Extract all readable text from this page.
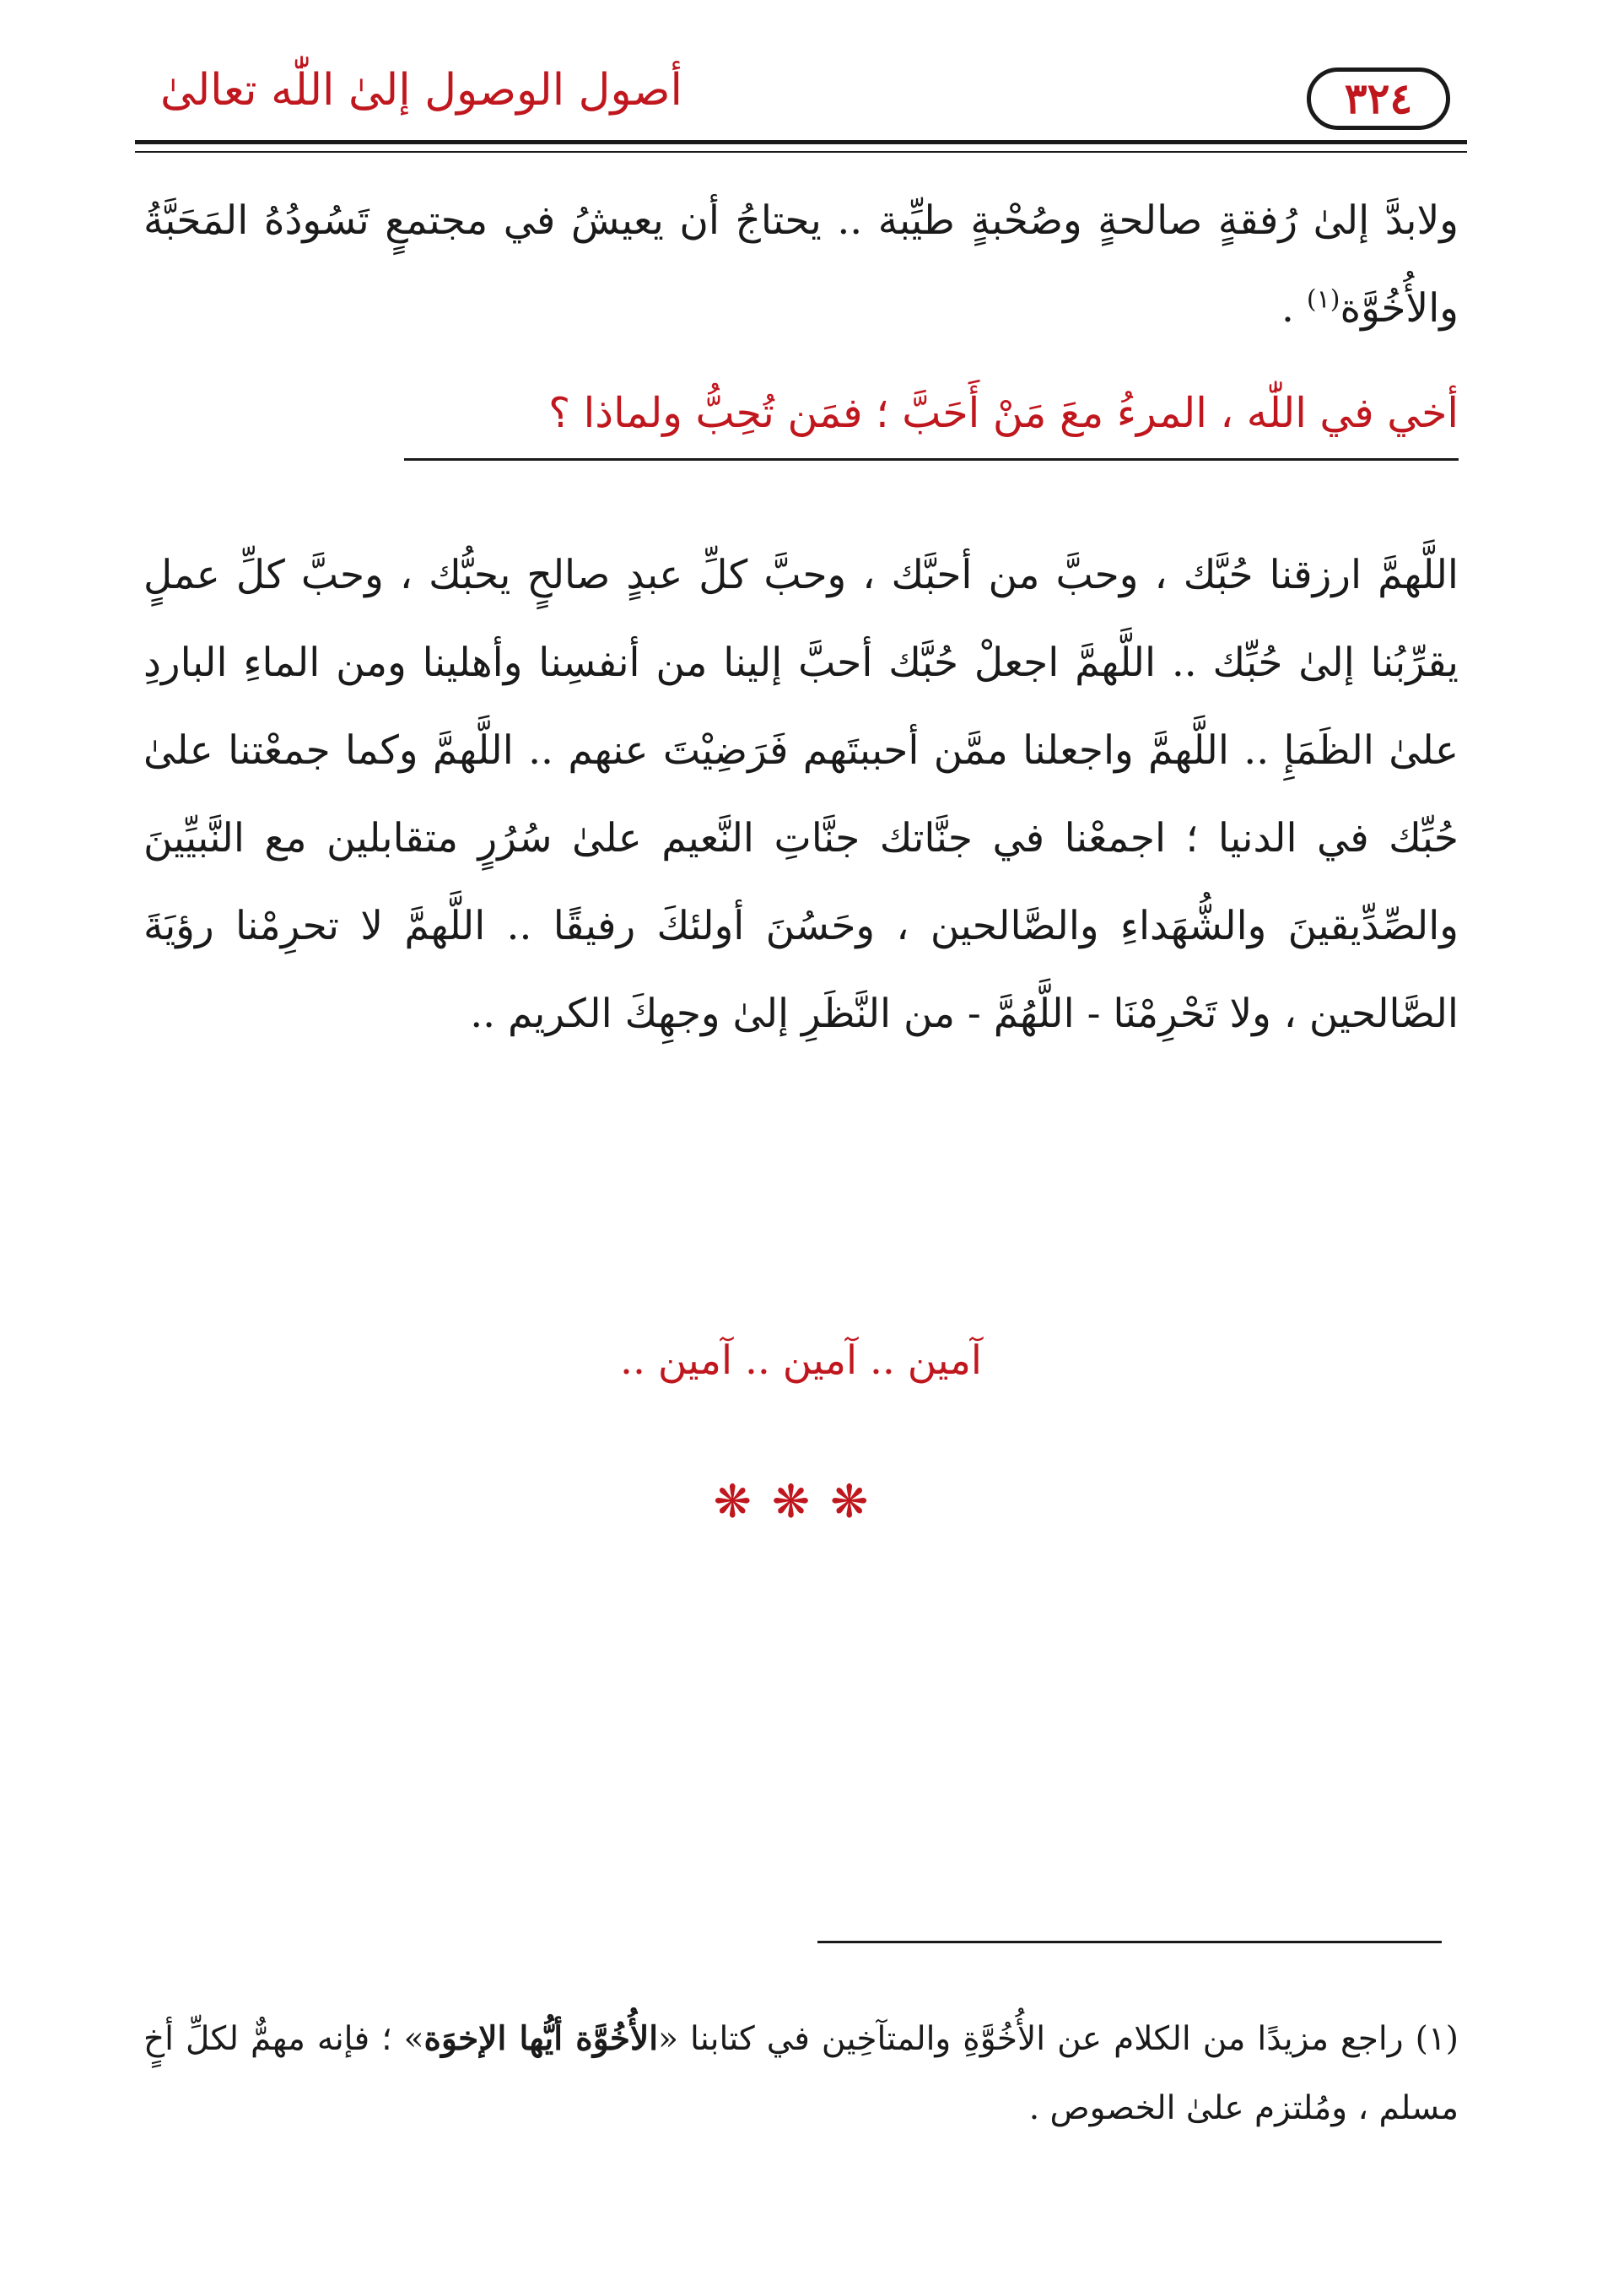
٣٢٤
أصول الوصول إلىٰ اللّٰه تعالىٰ

ولابدَّ إلىٰ رُفقةٍ صالحةٍ وصُحْبةٍ طيِّبة .. يحتاجُ أن يعيشُ في مجتمعٍ تَسُودُهُ المَحَبَّةُ والأُخُوَّة$^{(١)}$ .

أخي في اللّٰه ، المرءُ معَ مَنْ أَحَبَّ ؛ فمَن تُحِبُّ ولماذا ؟

اللَّهمَّ ارزقنا حُبَّك ، وحبَّ من أحبَّك ، وحبَّ كلِّ عبدٍ صالحٍ يحبُّك ، وحبَّ كلِّ عملٍ يقرِّبُنا إلىٰ حُبِّك .. اللَّهمَّ اجعلْ حُبَّك أحبَّ إلينا من أنفسِنا وأهلينا ومن الماءِ الباردِ علىٰ الظَمَإِ .. اللَّهمَّ واجعلنا ممَّن أحببتَهم فَرَضِيْتَ عنهم .. اللَّهمَّ وكما جمعْتنا علىٰ حُبِّك في الدنيا ؛ اجمعْنا في جنَّاتك جنَّاتِ النَّعيم علىٰ سُرُرٍ متقابلين مع النَّبيِّينَ والصِّدِّيقينَ والشُّهَداءِ والصَّالحين ، وحَسُنَ أولئكَ رفيقًا .. اللَّهمَّ لا تحرِمْنا رؤيَةَ الصَّالحين ، ولا تَحْرِمْنَا - اللَّهُمَّ - من النَّظَرِ إلىٰ وجهِكَ الكريم ..

آمين .. آمين .. آمين ..
❋❋❋

(١) راجع مزيدًا من الكلام عن الأُخُوَّةِ والمتآخِين في كتابنا «الأُخُوَّة أيُّها الإخوَة» ؛ فإنه مهمٌّ لكلِّ أخٍ مسلم ، ومُلتزم علىٰ الخصوص .
